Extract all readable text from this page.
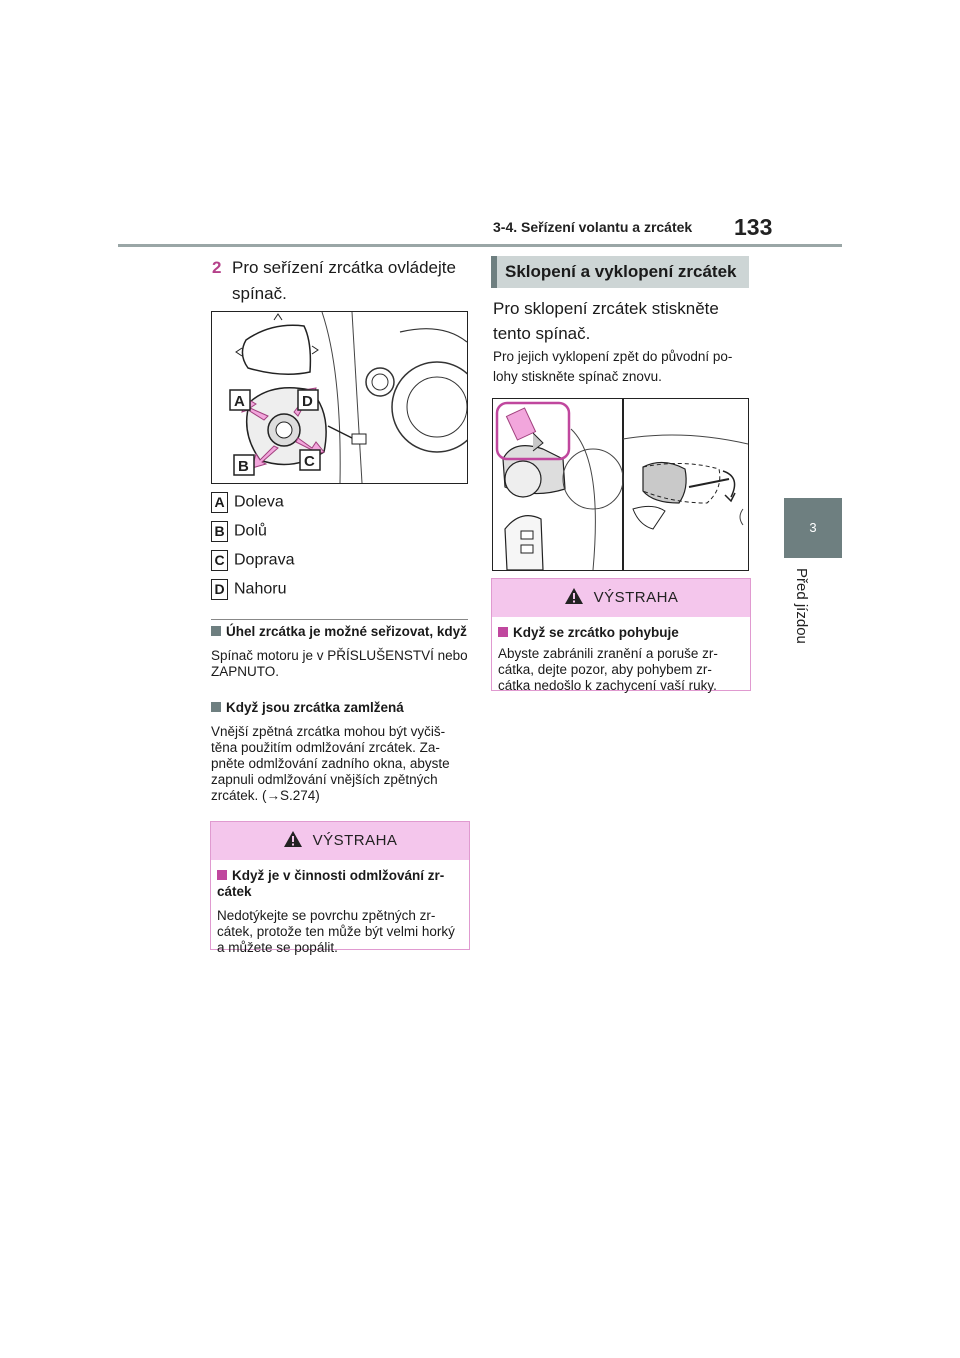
3-4. Seřízení volantu a zrcátek 133
3
Před jízdou
2 Pro seřízení zrcátka ovládejte spínač.
A	D
B	C
A Doleva
B Dolů
C Doprava
D Nahoru
Úhel zrcátka je možné seřizovat, když
Spínač motoru je v PŘÍSLUŠENSTVÍ nebo ZAPNUTO.
Když jsou zrcátka zamlžená
Vnější zpětná zrcátka mohou být vyčiš- těna použitím odmlžování zrcátek. Za- pněte odmlžování zadního okna, abyste zapnuli odmlžování vnějších zpětných zrcátek. (→S.274)
VÝSTRAHA
Když je v činnosti odmlžování zr- cátek
Nedotýkejte se povrchu zpětných zr- cátek, protože ten může být velmi horký a můžete se popálit.
Sklopení a vyklopení zrcátek
Pro sklopení zrcátek stiskněte tento spínač.
Pro jejich vyklopení zpět do původní po- lohy stiskněte spínač znovu.
VÝSTRAHA
Když se zrcátko pohybuje
Abyste zabránili zranění a poruše zr- cátka, dejte pozor, aby pohybem zr- cátka nedošlo k zachycení vaší ruky.
